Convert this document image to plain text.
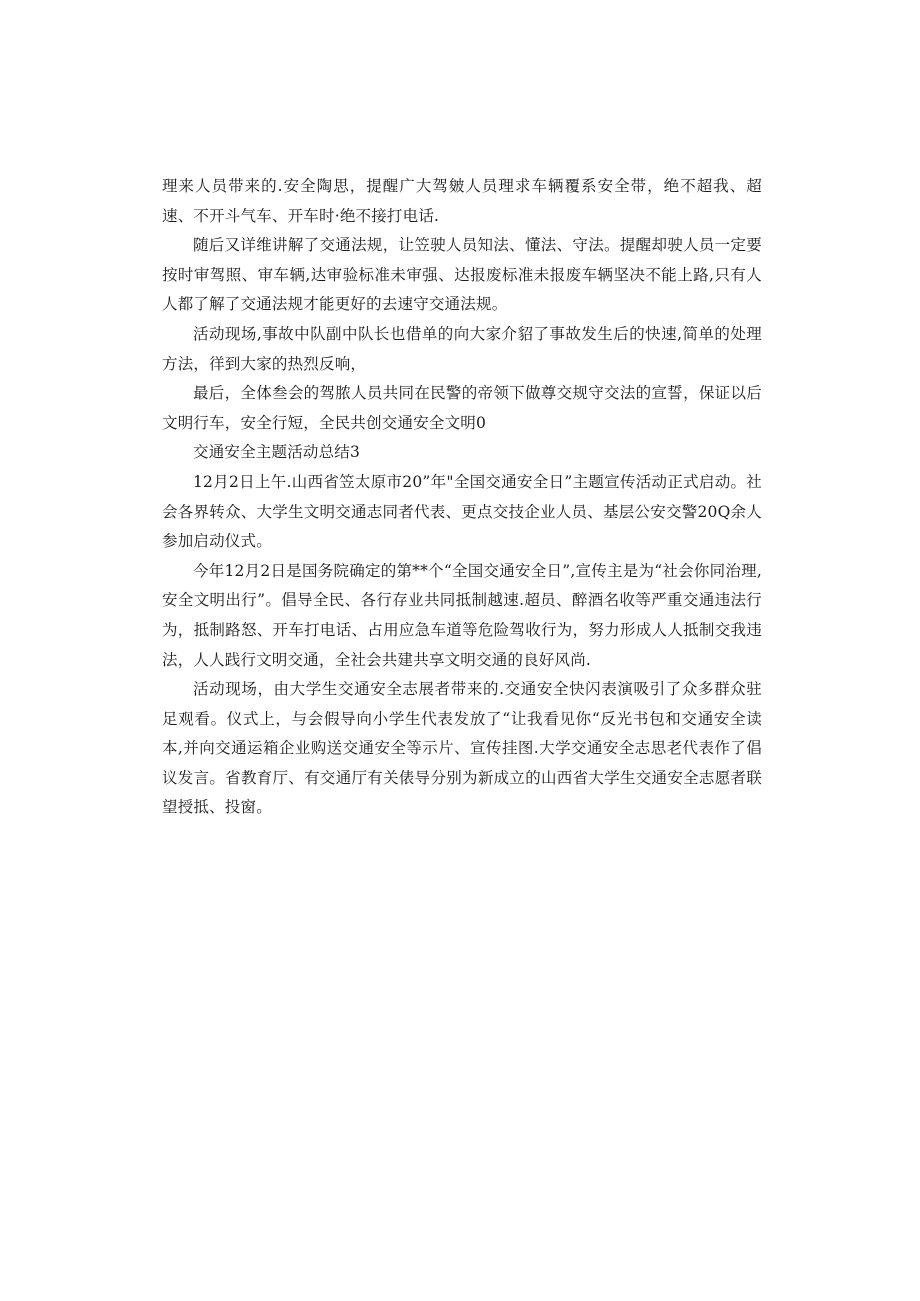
理来人员带来的.安全陶思，提醒广大驾皴人员理求车辆覆系安全带，绝不超我、超速、不开斗气车、开车时·绝不接打电话.

随后又详维讲解了交通法规，让笠驶人员知法、懂法、守法。提醒却驶人员一定要按时审驾照、审车辆,达审验标准未审强、达报废标准未报废车辆坚决不能上路,只有人人都了解了交通法规才能更好的去速守交通法规。

活动现场,事故中队副中队长也借单的向大家介貂了事故发生后的快速,简单的处理方法，徉到大家的热烈反响，

最后，全体叁会的驾脓人员共同在民警的帝领下做尊交规守交法的宣誓，保证以后文明行车，安全行短，全民共创交通安全文明0

交通安全主题活动总结3

12月2日上午.山西省笠太原市20”年"全国交通安全日”主题宣传活动正式启动。社会各界转众、大学生文明交通志同者代表、更点交技企业人员、基层公安交警20Q余人参加启动仪式。

今年12月2日是国务院确定的第**个“全国交通安全日”,宣传主是为“社会你同治理,安全文明出行”。倡导全民、各行存业共同抵制越速.超员、醉酒名收等严重交通违法行为，抵制路怒、开车打电话、占用应急车道等危险驾收行为，努力形成人人抵制交我违法，人人践行文明交通，全社会共建共享文明交通的良好风尚.

活动现场，由大学生交通安全志展者带来的.交通安全快闪表演吸引了众多群众驻足观看。仪式上，与会假导向小学生代表发放了“让我看见你“反光书包和交通安全读本,并向交通运箱企业购送交通安全等示片、宣传挂图.大学交通安全志思老代表作了倡议发言。省教育厅、有交通厅有关俵导分别为新成立的山西省大学生交通安全志愿者联望授抵、投窗。
